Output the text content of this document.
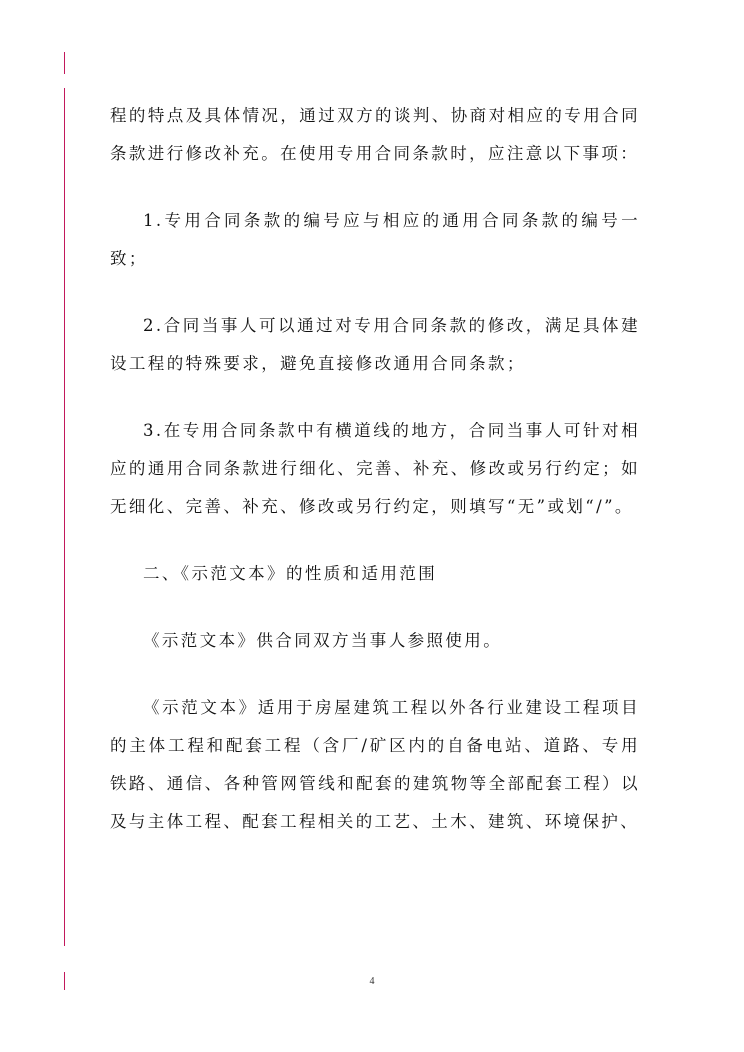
程的特点及具体情况，通过双方的谈判、协商对相应的专用合同条款进行修改补充。在使用专用合同条款时，应注意以下事项：

1.专用合同条款的编号应与相应的通用合同条款的编号一致；

2.合同当事人可以通过对专用合同条款的修改，满足具体建设工程的特殊要求，避免直接修改通用合同条款；

3.在专用合同条款中有横道线的地方，合同当事人可针对相应的通用合同条款进行细化、完善、补充、修改或另行约定；如无细化、完善、补充、修改或另行约定，则填写“无”或划“/”。

二、《示范文本》的性质和适用范围

《示范文本》供合同双方当事人参照使用。

《示范文本》适用于房屋建筑工程以外各行业建设工程项目的主体工程和配套工程（含厂/矿区内的自备电站、道路、专用铁路、通信、各种管网管线和配套的建筑物等全部配套工程）以及与主体工程、配套工程相关的工艺、土木、建筑、环境保护、

4
